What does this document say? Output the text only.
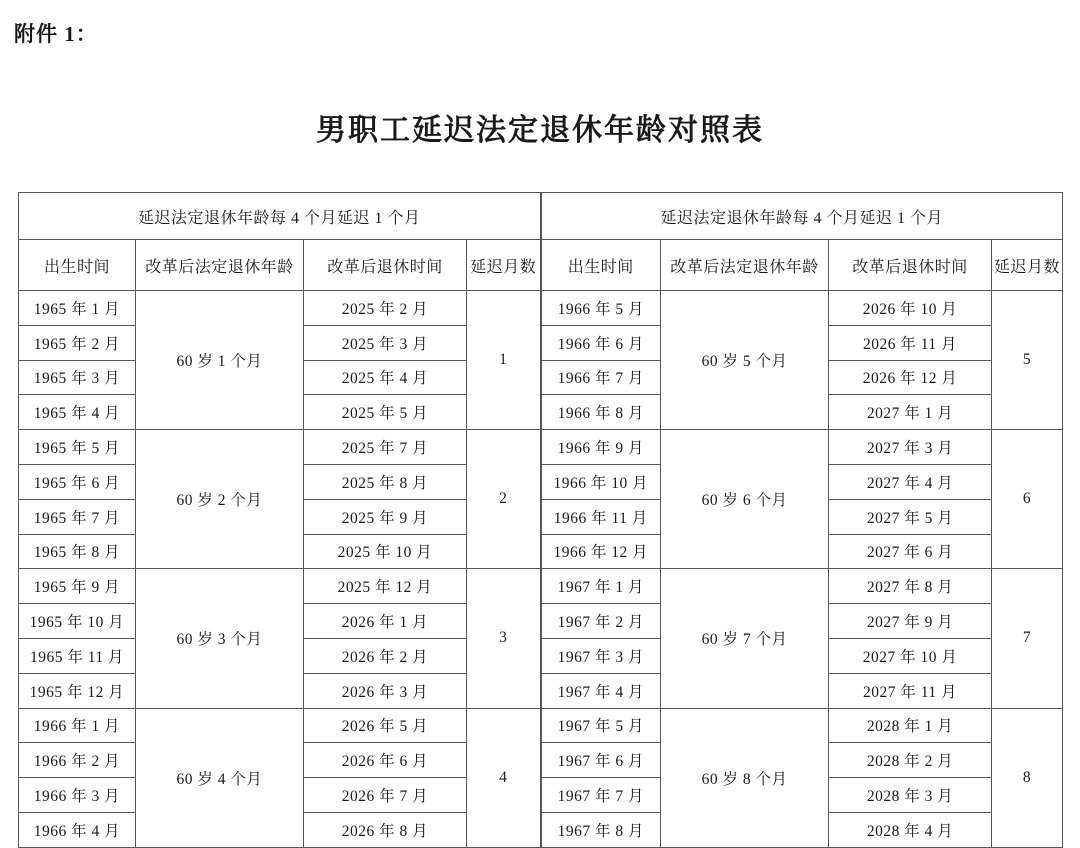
附件 1：
男职工延迟法定退休年龄对照表
延迟法定退休年龄每 4 个月延迟 1 个月				延迟法定退休年龄每 4 个月延迟 1 个月			
出生时间	改革后法定退休年龄	改革后退休时间	延迟月数	出生时间	改革后法定退休年龄	改革后退休时间	延迟月数
1965 年 1 月	60 岁 1 个月	2025 年 2 月	1	1966 年 5 月	60 岁 5 个月	2026 年 10 月	5
1965 年 2 月		2025 年 3 月		1966 年 6 月		2026 年 11 月	
1965 年 3 月		2025 年 4 月		1966 年 7 月		2026 年 12 月	
1965 年 4 月		2025 年 5 月		1966 年 8 月		2027 年 1 月	
1965 年 5 月	60 岁 2 个月	2025 年 7 月	2	1966 年 9 月	60 岁 6 个月	2027 年 3 月	6
1965 年 6 月		2025 年 8 月		1966 年 10 月		2027 年 4 月	
1965 年 7 月		2025 年 9 月		1966 年 11 月		2027 年 5 月	
1965 年 8 月		2025 年 10 月		1966 年 12 月		2027 年 6 月	
1965 年 9 月	60 岁 3 个月	2025 年 12 月	3	1967 年 1 月	60 岁 7 个月	2027 年 8 月	7
1965 年 10 月		2026 年 1 月		1967 年 2 月		2027 年 9 月	
1965 年 11 月		2026 年 2 月		1967 年 3 月		2027 年 10 月	
1965 年 12 月		2026 年 3 月		1967 年 4 月		2027 年 11 月	
1966 年 1 月	60 岁 4 个月	2026 年 5 月	4	1967 年 5 月	60 岁 8 个月	2028 年 1 月	8
1966 年 2 月		2026 年 6 月		1967 年 6 月		2028 年 2 月	
1966 年 3 月		2026 年 7 月		1967 年 7 月		2028 年 3 月	
1966 年 4 月		2026 年 8 月		1967 年 8 月		2028 年 4 月	
